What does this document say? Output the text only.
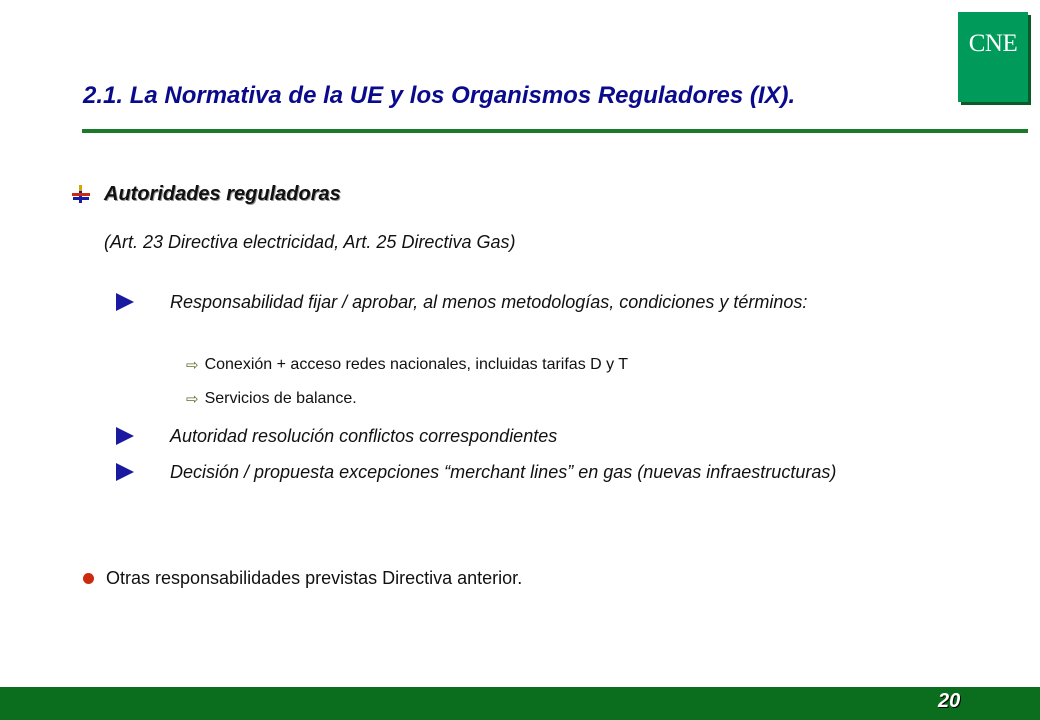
CNE
2.1. La Normativa de la UE y los Organismos Reguladores (IX).
Autoridades reguladoras
(Art. 23 Directiva electricidad, Art. 25 Directiva Gas)
Responsabilidad fijar / aprobar, al menos metodologías, condiciones y términos:
⇨ Conexión + acceso redes nacionales, incluidas tarifas D y T
⇨ Servicios de balance.
Autoridad resolución conflictos correspondientes
Decisión / propuesta excepciones “merchant lines” en gas (nuevas infraestructuras)
Otras responsabilidades previstas Directiva anterior.
20
